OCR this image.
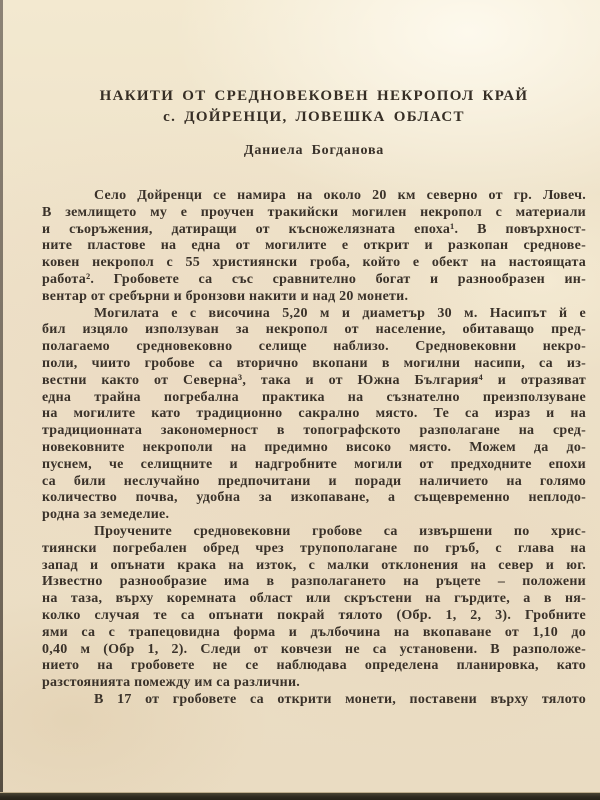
НАКИТИ ОТ СРЕДНОВЕКОВЕН НЕКРОПОЛ КРАЙ
с. ДОЙРЕНЦИ, ЛОВЕШКА ОБЛАСТ
Даниела Богданова
Село Дойренци се намира на около 20 км северно от гр. Ловеч.
В землището му е проучен тракийски могилен некропол с материали
и съоръжения, датиращи от късножелязната епоха¹. В повърхност-
ните пластове на една от могилите е открит и разкопан среднове-
ковен некропол с 55 християнски гроба, който е обект на настоящата
работа². Гробовете са със сравнително богат и разнообразен ин-
вентар от сребърни и бронзови накити и над 20 монети.
Могилата е с височина 5,20 м и диаметър 30 м. Насипът й е
бил изцяло използуван за некропол от население, обитаващо пред-
полагаемо средновековно селище наблизо. Средновековни некро-
поли, чиито гробове са вторично вкопани в могилни насипи, са из-
вестни както от Северна³, така и от Южна България⁴ и отразяват
една трайна погребална практика на съзнателно преизползуване
на могилите като традиционно сакрално място. Те са израз и на
традиционната закономерност в топографското разполагане на сред-
новековните некрополи на предимно високо място. Можем да до-
пуснем, че селищните и надгробните могили от предходните епохи
са били неслучайно предпочитани и поради наличието на голямо
количество почва, удобна за изкопаване, а същевременно неплодо-
родна за земеделие.
Проучените средновековни гробове са извършени по хрис-
тиянски погребален обред чрез трупополагане по гръб, с глава на
запад и опънати крака на изток, с малки отклонения на север и юг.
Известно разнообразие има в разполагането на ръцете – положени
на таза, върху коремната област или скръстени на гърдите, а в ня-
колко случая те са опънати покрай тялото (Обр. 1, 2, 3). Гробните
ями са с трапецовидна форма и дълбочина на вкопаване от 1,10 до
0,40 м (Обр 1, 2). Следи от ковчези не са установени. В разположе-
нието на гробовете не се наблюдава определена планировка, като
разстоянията помежду им са различни.
В 17 от гробовете са открити монети, поставени върху тялото
